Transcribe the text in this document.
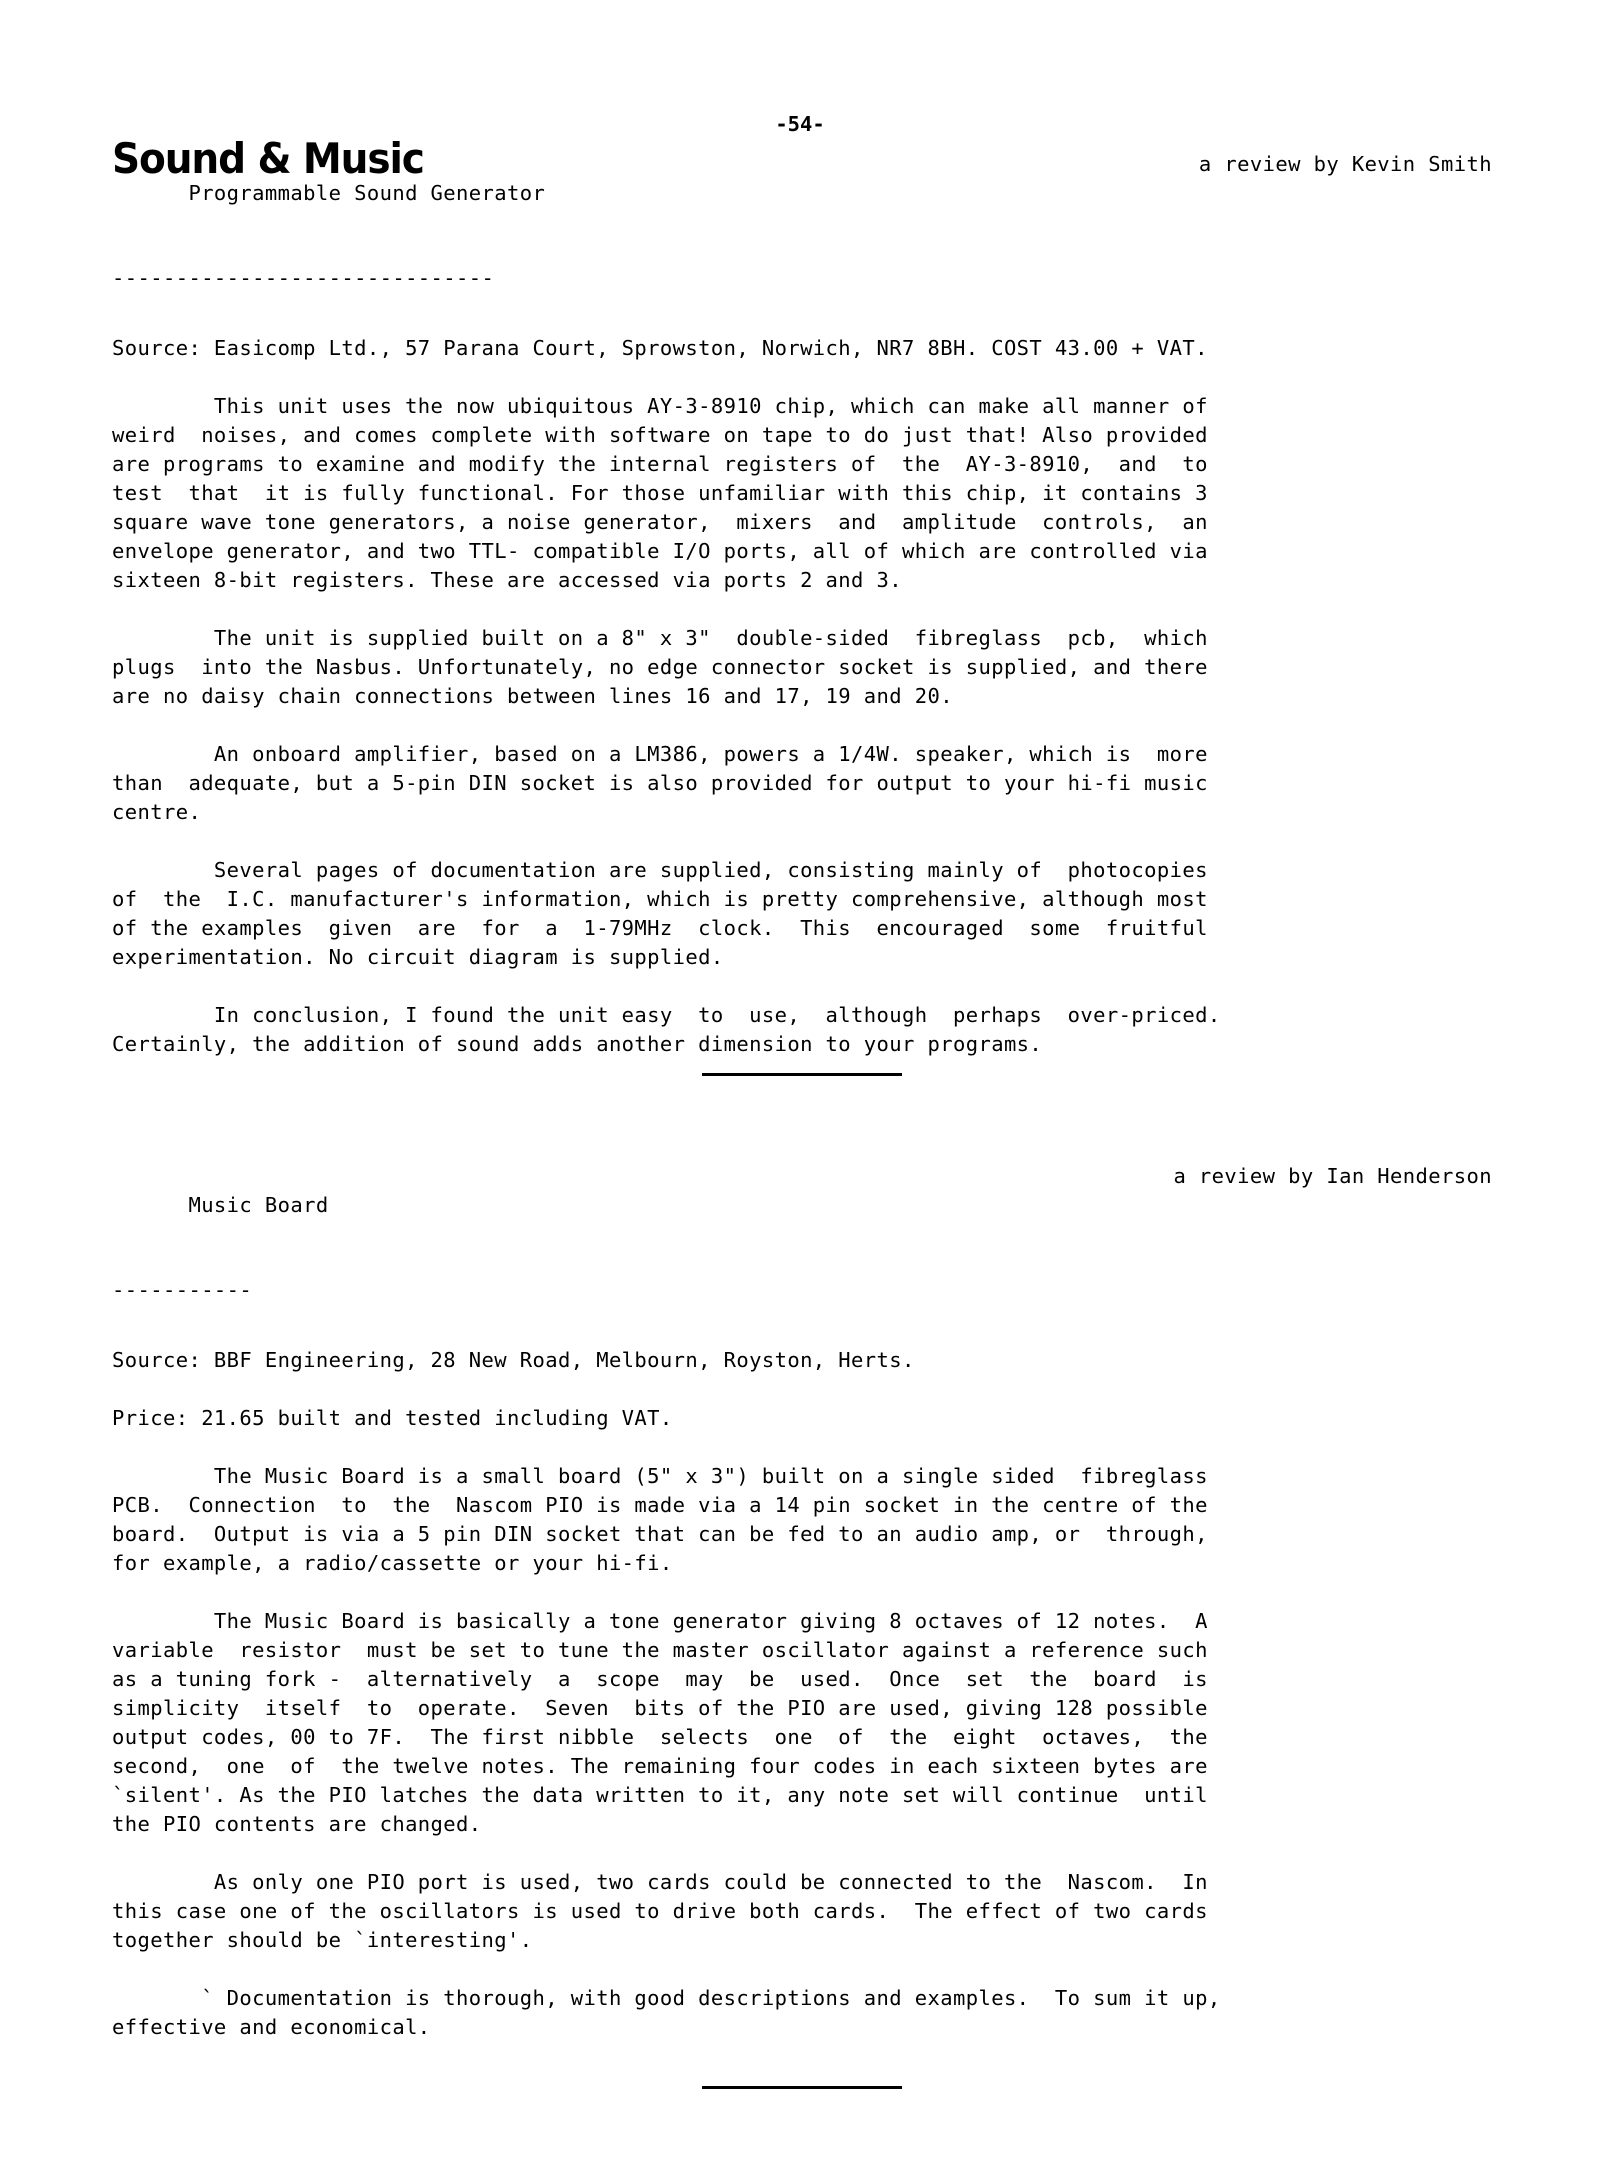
-54-
Sound & Music

Programmable Sound Generator

a review by Kevin Smith

------------------------------
Source: Easicomp Ltd., 57 Parana Court, Sprowston, Norwich, NR7 8BH. COST 43.00 + VAT.
This unit uses the now ubiquitous AY-3-8910 chip, which can make all manner of
weird  noises, and comes complete with software on tape to do just that! Also provided
are programs to examine and modify the internal registers of  the  AY-3-8910,  and  to
test  that  it is fully functional. For those unfamiliar with this chip, it contains 3
square wave tone generators, a noise generator,  mixers  and  amplitude  controls,  an
envelope generator, and two TTL- compatible I/O ports, all of which are controlled via
sixteen 8-bit registers. These are accessed via ports 2 and 3.
The unit is supplied built on a 8" x 3"  double-sided  fibreglass  pcb,  which
plugs  into the Nasbus. Unfortunately, no edge connector socket is supplied, and there
are no daisy chain connections between lines 16 and 17, 19 and 20.
An onboard amplifier, based on a LM386, powers a 1/4W. speaker, which is  more
than  adequate, but a 5-pin DIN socket is also provided for output to your hi-fi music
centre.
Several pages of documentation are supplied, consisting mainly of  photocopies
of  the  I.C. manufacturer's information, which is pretty comprehensive, although most
of the examples  given  are  for  a  1-79MHz  clock.  This  encouraged  some  fruitful
experimentation. No circuit diagram is supplied.
In conclusion, I found the unit easy  to  use,  although  perhaps  over-priced.
Certainly, the addition of sound adds another dimension to your programs.

Music Board

a review by Ian Henderson

-----------
Source: BBF Engineering, 28 New Road, Melbourn, Royston, Herts.
Price: 21.65 built and tested including VAT.
The Music Board is a small board (5" x 3") built on a single sided  fibreglass
PCB.  Connection  to  the  Nascom PIO is made via a 14 pin socket in the centre of the
board.  Output is via a 5 pin DIN socket that can be fed to an audio amp, or  through,
for example, a radio/cassette or your hi-fi.
The Music Board is basically a tone generator giving 8 octaves of 12 notes.  A
variable  resistor  must be set to tune the master oscillator against a reference such
as a tuning fork -  alternatively  a  scope  may  be  used.  Once  set  the  board  is
simplicity  itself  to  operate.  Seven  bits of the PIO are used, giving 128 possible
output codes, 00 to 7F.  The first nibble  selects  one  of  the  eight  octaves,  the
second,  one  of  the twelve notes. The remaining four codes in each sixteen bytes are
`silent'. As the PIO latches the data written to it, any note set will continue  until
the PIO contents are changed.
As only one PIO port is used, two cards could be connected to the  Nascom.  In
this case one of the oscillators is used to drive both cards.  The effect of two cards
together should be `interesting'.
` Documentation is thorough, with good descriptions and examples.  To sum it up,
effective and economical.
